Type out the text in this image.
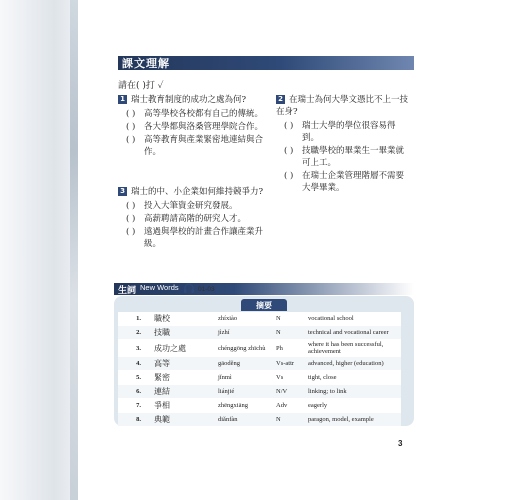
課文理解
請在( )打 ✓
1 瑞士教育制度的成功之處為何?
( )	高等學校各校都有自己的傳統。
( )	各大學都與洛桑管理學院合作。
( )	高等教育與產業緊密地連結與合作。
2 在瑞士為何大學文憑比不上一技在身?
( )	瑞士大學的學位很容易得到。
( )	技職學校的畢業生一畢業就可上工。
( )	在瑞士企業管理階層不需要大學畢業。
3 瑞士的中、小企業如何維持競爭力?
( )	投入大筆資金研究發展。
( )	高薪聘請高階的研究人才。
( )	遠過與學校的計畫合作讓產業升級。
生詞 New Words	01-03
摘要
1.	職校	zhíxiào	N	vocational school
2.	技職	jìzhí	N	technical and vocational career
3.	成功之處	chénggōng zhīchù	Ph	where it has been successful, achievement
4.	高等	gāoděng	Vs-attr	advanced, higher (education)
5.	緊密	jǐnmì	Vs	tight, close
6.	連結	liánjié	N/V	linking; to link
7.	爭相	zhēngxiāng	Adv	eagerly
8.	典範	diǎnfàn	N	paragon, model, example
3
